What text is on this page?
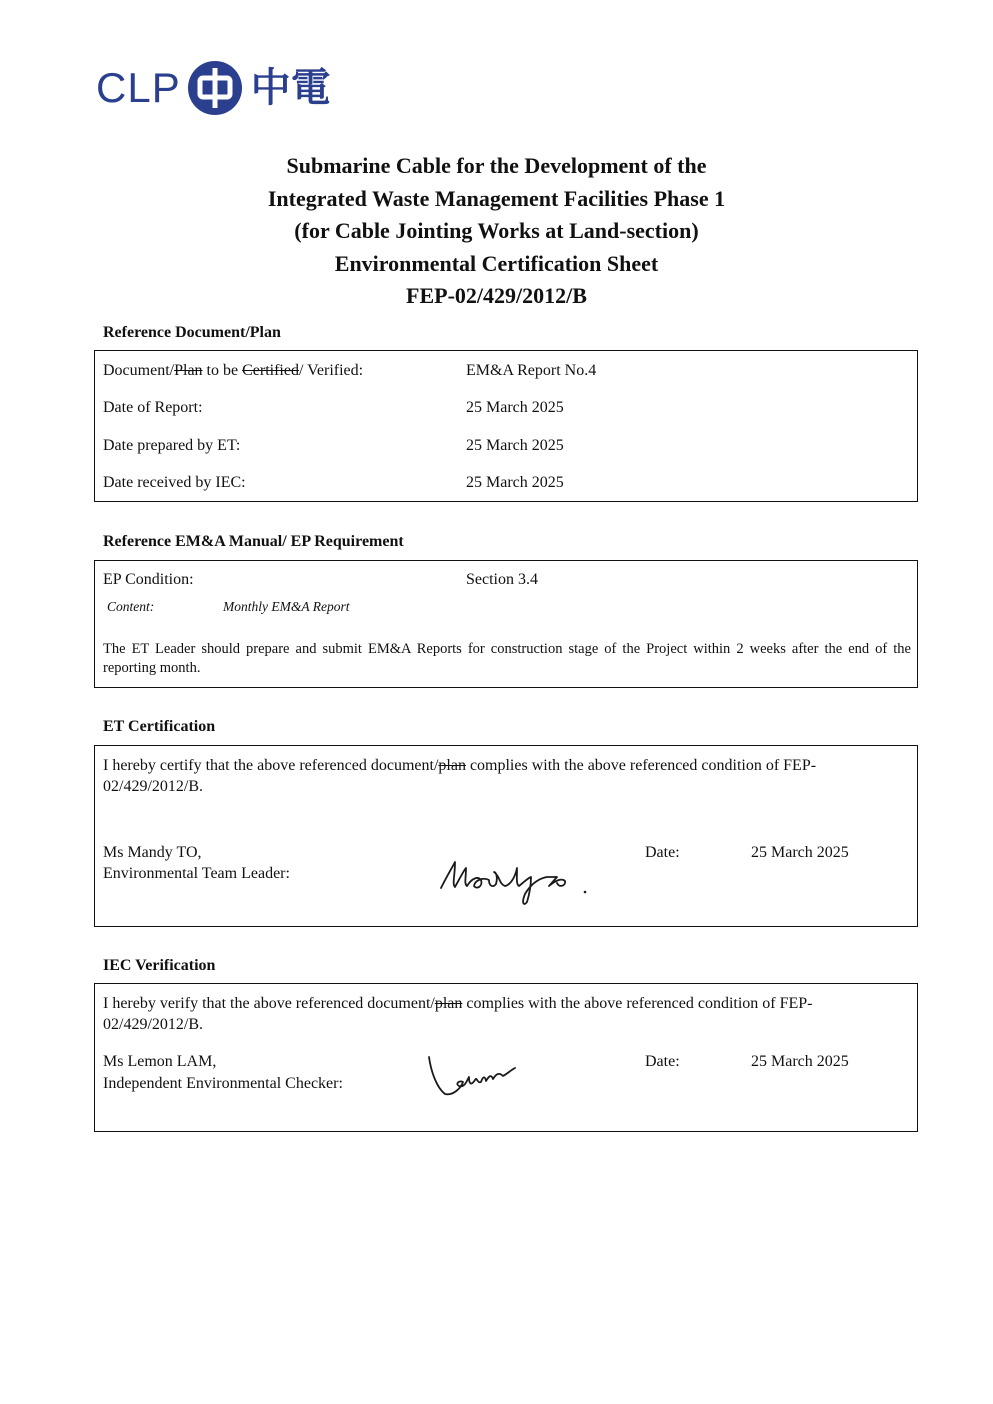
CLP 中電
Submarine Cable for the Development of the
Integrated Waste Management Facilities Phase 1
(for Cable Jointing Works at Land-section)
Environmental Certification Sheet
FEP-02/429/2012/B
Reference Document/Plan
Document/Plan to be Certified/ Verified:	EM&A Report No.4
Date of Report:	25 March 2025
Date prepared by ET:	25 March 2025
Date received by IEC:	25 March 2025
Reference EM&A Manual/ EP Requirement
EP Condition:	Section 3.4
Content:	Monthly EM&A Report
The ET Leader should prepare and submit EM&A Reports for construction stage of the Project within 2 weeks after the end of the reporting month.
ET Certification
I hereby certify that the above referenced document/plan complies with the above referenced condition of FEP-02/429/2012/B.
Ms Mandy TO,
Environmental Team Leader:
Date:	25 March 2025
IEC Verification
I hereby verify that the above referenced document/plan complies with the above referenced condition of FEP-02/429/2012/B.
Ms Lemon LAM,
Independent Environmental Checker:
Date:	25 March 2025
